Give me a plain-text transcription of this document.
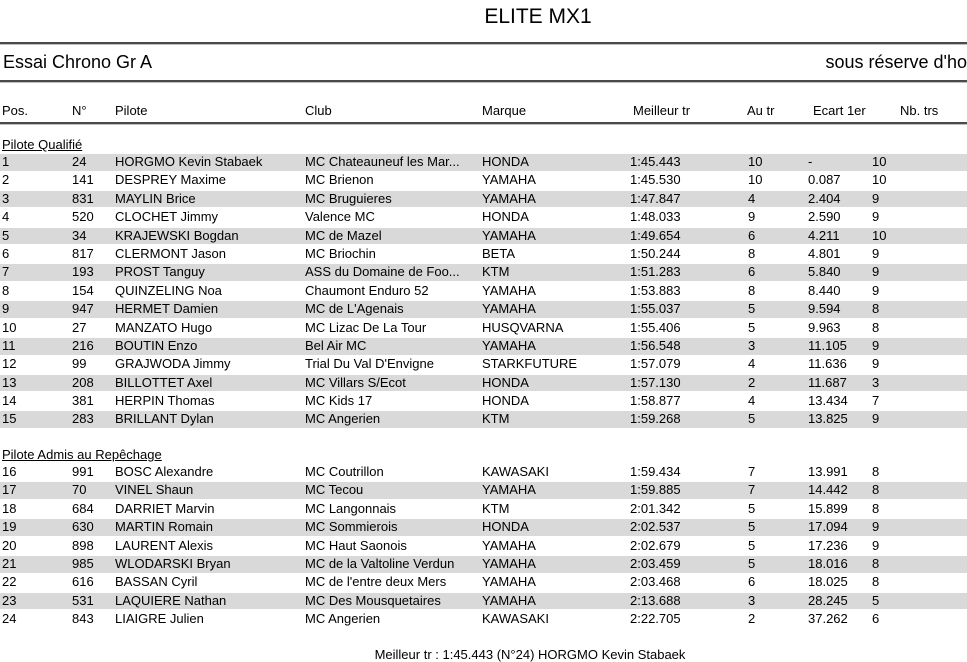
ELITE MX1
Essai Chrono Gr A	sous réserve d'ho
Pos.	N° Pilote	Club	Marque	Meilleur tr	Au tr	Ecart 1er	Nb. trs
Pilote Qualifié
1	24 HORGMO Kevin Stabaek	MC Chateauneuf les Mar... HONDA	1:45.443	10	-	10
2	141 DESPREY Maxime	MC Brienon	YAMAHA	1:45.530	10	0.087 10
3	831 MAYLIN Brice	MC Bruguieres	YAMAHA	1:47.847	4	2.404 9
4	520 CLOCHET Jimmy	Valence MC	HONDA	1:48.033	9	2.590 9
5	34 KRAJEWSKI Bogdan	MC de Mazel	YAMAHA	1:49.654	6	4.211 10
6	817 CLERMONT Jason	MC Briochin	BETA	1:50.244	8	4.801 9
7	193 PROST Tanguy	ASS du Domaine de Foo... KTM	1:51.283	6	5.840 9
8	154 QUINZELING Noa	Chaumont Enduro 52	YAMAHA	1:53.883	8	8.440 9
9	947 HERMET Damien	MC de L'Agenais	YAMAHA	1:55.037	5	9.594 8
10	27 MANZATO Hugo	MC Lizac De La Tour	HUSQVARNA	1:55.406	5	9.963 8
11	216 BOUTIN Enzo	Bel Air MC	YAMAHA	1:56.548	3	11.105 9
12	99 GRAJWODA Jimmy	Trial Du Val D'Envigne	STARKFUTURE	1:57.079	4	11.636 9
13	208 BILLOTTET Axel	MC Villars S/Ecot	HONDA	1:57.130	2	11.687 3
14	381 HERPIN Thomas	MC Kids 17	HONDA	1:58.877	4	13.434 7
15	283 BRILLANT Dylan	MC Angerien	KTM	1:59.268	5	13.825 9
Pilote Admis au Repêchage
16	991 BOSC Alexandre	MC Coutrillon	KAWASAKI	1:59.434	7	13.991 8
17	70 VINEL Shaun	MC Tecou	YAMAHA	1:59.885	7	14.442 8
18	684 DARRIET Marvin	MC Langonnais	KTM	2:01.342	5	15.899 8
19	630 MARTIN Romain	MC Sommierois	HONDA	2:02.537	5	17.094 9
20	898 LAURENT Alexis	MC Haut Saonois	YAMAHA	2:02.679	5	17.236 9
21	985 WLODARSKI Bryan	MC de la Valtoline Verdun YAMAHA	2:03.459	5	18.016 8
22	616 BASSAN Cyril	MC de l'entre deux Mers	YAMAHA	2:03.468	6	18.025 8
23	531 LAQUIERE Nathan	MC Des Mousquetaires	YAMAHA	2:13.688	3	28.245 5
24	843 LIAIGRE Julien	MC Angerien	KAWASAKI	2:22.705	2	37.262 6
Meilleur tr : 1:45.443 (N°24) HORGMO Kevin Stabaek
